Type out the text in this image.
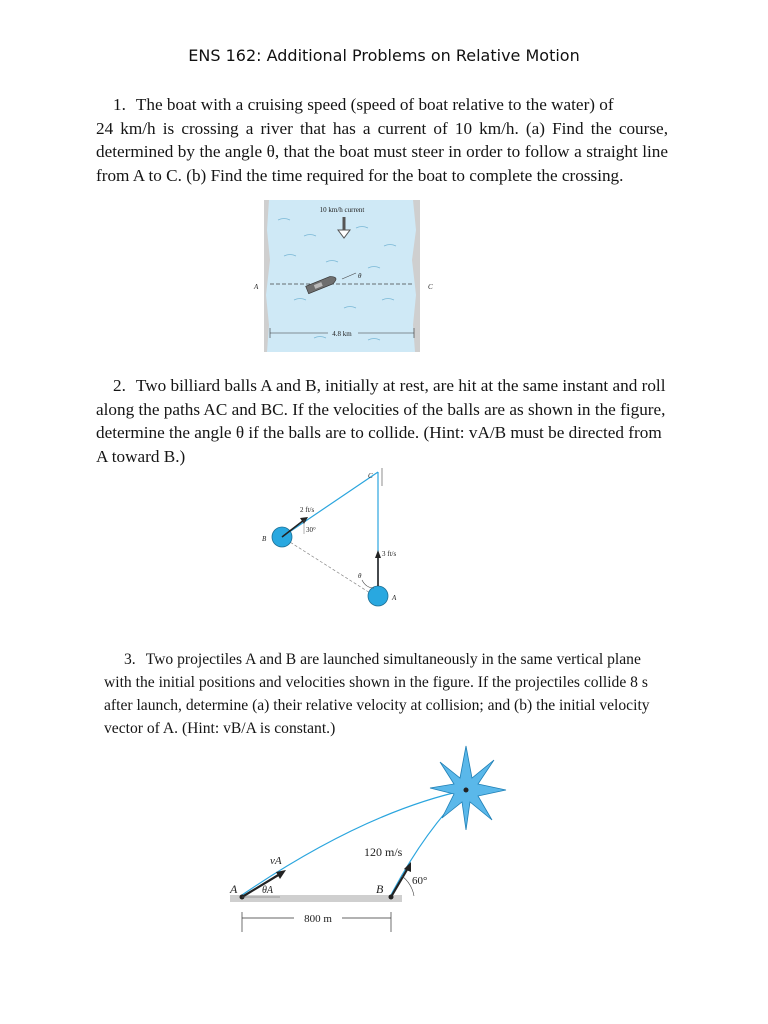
ENS 162: Additional Problems on Relative Motion
1. The boat with a cruising speed (speed of boat relative to the water) of
24 km/h is crossing a river that has a current of 10 km/h. (a) Find the course, determined by the angle θ, that the boat must steer in order to follow a straight line from A to C. (b) Find the time required for the boat to complete the crossing.
10 km/h current
θ
4.8 km
A	C
2. Two billiard balls A and B, initially at rest, are hit at the same instant and roll along the paths AC and BC. If the velocities of the balls are as shown in the figure, determine the angle θ if the balls are to collide. (Hint: vA/B must be directed from A toward B.)
C
B
2 ft/s
30°
A
3 ft/s
θ
3. Two projectiles A and B are launched simultaneously in the same vertical plane with the initial positions and velocities shown in the figure. If the projectiles collide 8 s after launch, determine (a) their relative velocity at collision; and (b) the initial velocity vector of A. (Hint: vB/A is constant.)
A
vA
θA	B
120 m/s
60°
800 m
